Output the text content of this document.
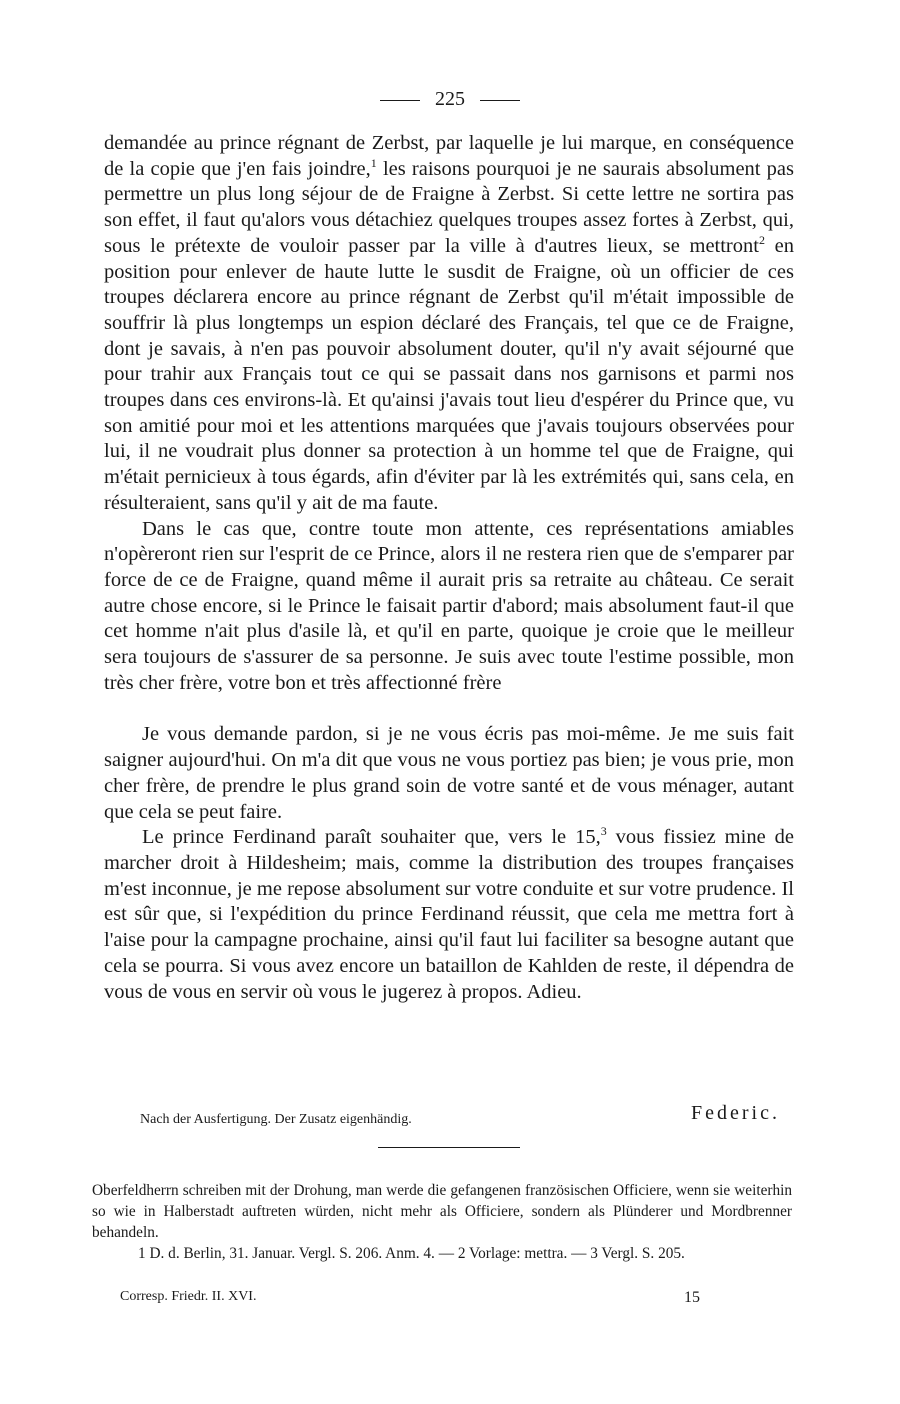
225

demandée au prince régnant de Zerbst, par laquelle je lui marque, en conséquence de la copie que j'en fais joindre,$^1$ les raisons pourquoi je ne saurais absolument pas permettre un plus long séjour de de Fraigne à Zerbst. Si cette lettre ne sortira pas son effet, il faut qu'alors vous détachiez quelques troupes assez fortes à Zerbst, qui, sous le prétexte de vouloir passer par la ville à d'autres lieux, se mettront$^2$ en position pour enlever de haute lutte le susdit de Fraigne, où un officier de ces troupes déclarera encore au prince régnant de Zerbst qu'il m'était impossible de souffrir là plus longtemps un espion déclaré des Français, tel que ce de Fraigne, dont je savais, à n'en pas pouvoir absolument douter, qu'il n'y avait séjourné que pour trahir aux Français tout ce qui se passait dans nos garnisons et parmi nos troupes dans ces environs-là. Et qu'ainsi j'avais tout lieu d'espérer du Prince que, vu son amitié pour moi et les attentions marquées que j'avais toujours observées pour lui, il ne voudrait plus donner sa protection à un homme tel que de Fraigne, qui m'était pernicieux à tous égards, afin d'éviter par là les extrémités qui, sans cela, en résulteraient, sans qu'il y ait de ma faute.

Dans le cas que, contre toute mon attente, ces représentations amiables n'opèreront rien sur l'esprit de ce Prince, alors il ne restera rien que de s'emparer par force de ce de Fraigne, quand même il aurait pris sa retraite au château. Ce serait autre chose encore, si le Prince le faisait partir d'abord; mais absolument faut-il que cet homme n'ait plus d'asile là, et qu'il en parte, quoique je croie que le meilleur sera toujours de s'assurer de sa personne. Je suis avec toute l'estime possible, mon très cher frère, votre bon et très affectionné frère

Je vous demande pardon, si je ne vous écris pas moi-même. Je me suis fait saigner aujourd'hui. On m'a dit que vous ne vous portiez pas bien; je vous prie, mon cher frère, de prendre le plus grand soin de votre santé et de vous ménager, autant que cela se peut faire.

Le prince Ferdinand paraît souhaiter que, vers le 15,$^3$ vous fissiez mine de marcher droit à Hildesheim; mais, comme la distribution des troupes françaises m'est inconnue, je me repose absolument sur votre conduite et sur votre prudence. Il est sûr que, si l'expédition du prince Ferdinand réussit, que cela me mettra fort à l'aise pour la campagne prochaine, ainsi qu'il faut lui faciliter sa besogne autant que cela se pourra. Si vous avez encore un bataillon de Kahlden de reste, il dépendra de vous de vous en servir où vous le jugerez à propos. Adieu.

Nach der Ausfertigung. Der Zusatz eigenhändig.	Federic.

Oberfeldherrn schreiben mit der Drohung, man werde die gefangenen französischen Officiere, wenn sie weiterhin so wie in Halberstadt auftreten würden, nicht mehr als Officiere, sondern als Plünderer und Mordbrenner behandeln.

1 D. d. Berlin, 31. Januar. Vergl. S. 206. Anm. 4. — 2 Vorlage: mettra. — 3 Vergl. S. 205.

Corresp. Friedr. II. XVI.	15
